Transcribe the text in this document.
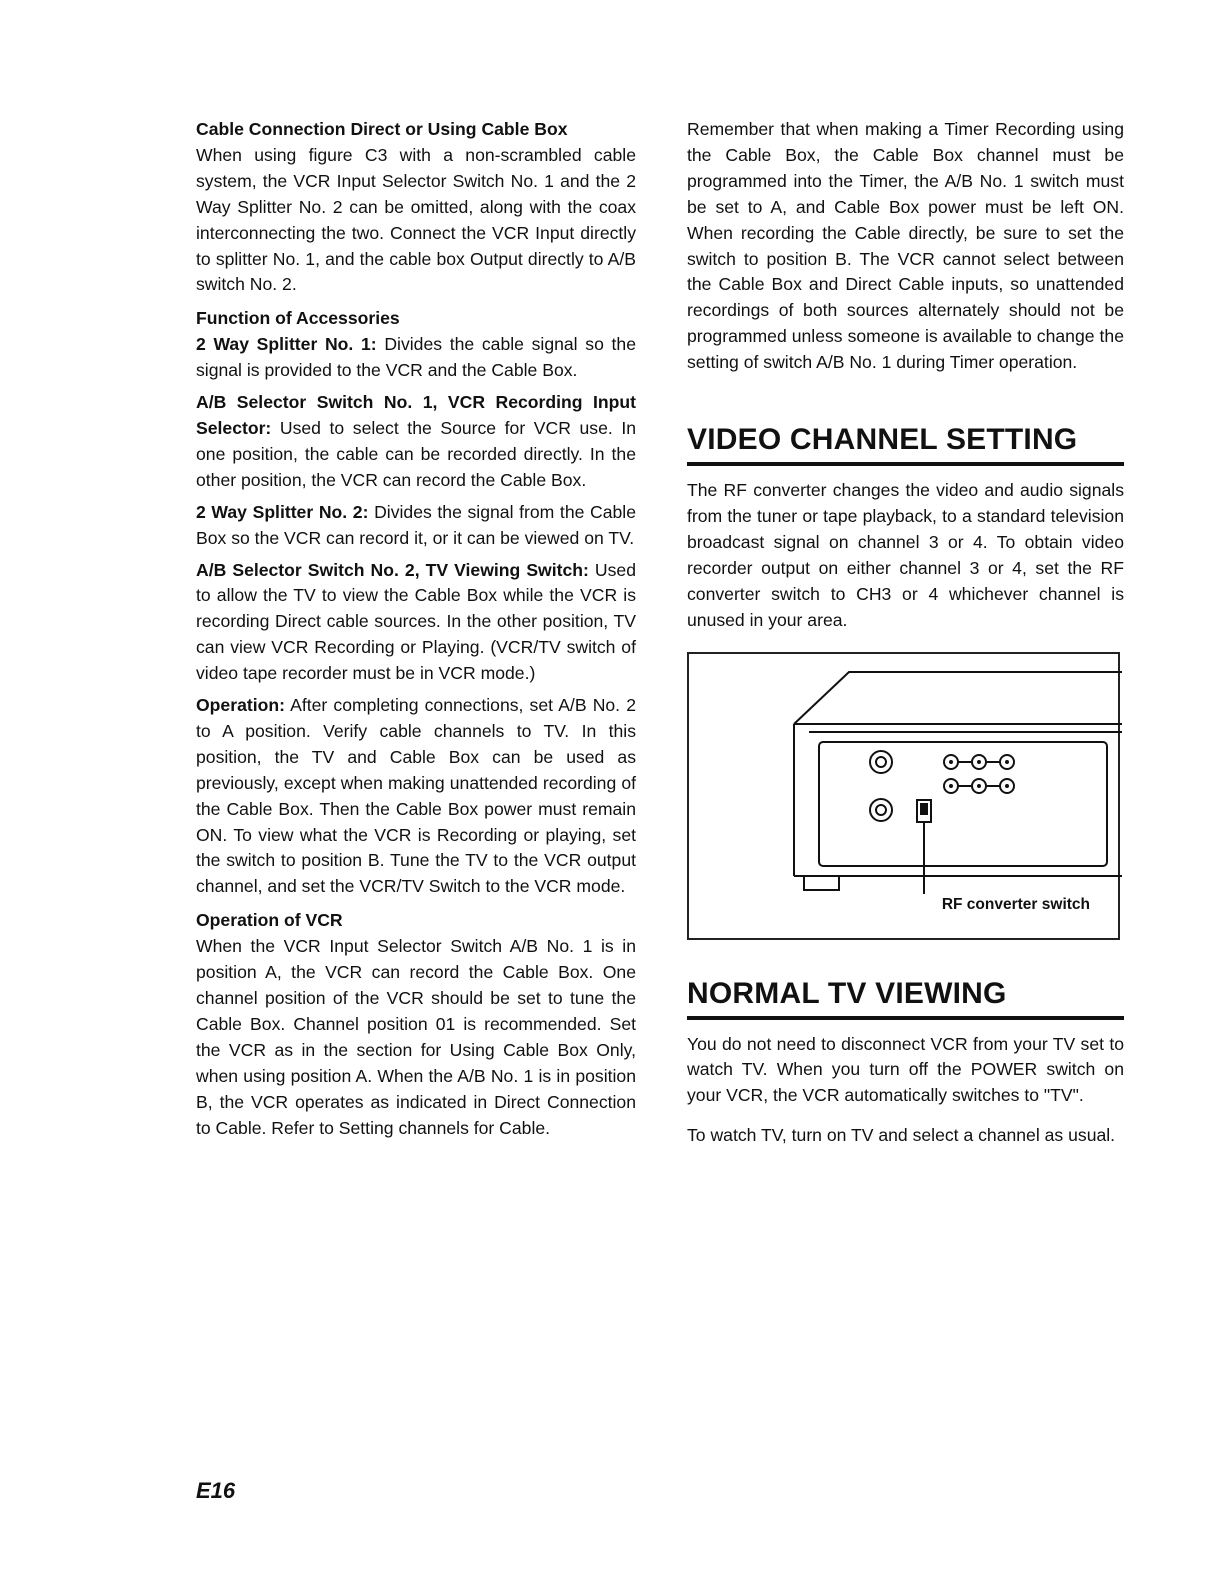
Cable Connection Direct or Using Cable Box

When using figure C3 with a non-scrambled cable system, the VCR Input Selector Switch No. 1 and the 2 Way Splitter No. 2 can be omitted, along with the coax interconnecting the two. Connect the VCR Input directly to splitter No. 1, and the cable box Output directly to A/B switch No. 2.

Function of Accessories

2 Way Splitter No. 1: Divides the cable signal so the signal is provided to the VCR and the Cable Box.

A/B Selector Switch No. 1, VCR Recording Input Selector: Used to select the Source for VCR use. In one position, the cable can be recorded directly. In the other position, the VCR can record the Cable Box.

2 Way Splitter No. 2: Divides the signal from the Cable Box so the VCR can record it, or it can be viewed on TV.

A/B Selector Switch No. 2, TV Viewing Switch: Used to allow the TV to view the Cable Box while the VCR is recording Direct cable sources. In the other position, TV can view VCR Recording or Playing. (VCR/TV switch of video tape recorder must be in VCR mode.)

Operation: After completing connections, set A/B No. 2 to A position. Verify cable channels to TV. In this position, the TV and Cable Box can be used as previously, except when making unattended recording of the Cable Box. Then the Cable Box power must remain ON. To view what the VCR is Recording or playing, set the switch to position B. Tune the TV to the VCR output channel, and set the VCR/TV Switch to the VCR mode.

Operation of VCR

When the VCR Input Selector Switch A/B No. 1 is in position A, the VCR can record the Cable Box. One channel position of the VCR should be set to tune the Cable Box. Channel position 01 is recommended. Set the VCR as in the section for Using Cable Box Only, when using position A. When the A/B No. 1 is in position B, the VCR operates as indicated in Direct Connection to Cable. Refer to Setting channels for Cable.

Remember that when making a Timer Recording using the Cable Box, the Cable Box channel must be programmed into the Timer, the A/B No. 1 switch must be set to A, and Cable Box power must be left ON. When recording the Cable directly, be sure to set the switch to position B. The VCR cannot select between the Cable Box and Direct Cable inputs, so unattended recordings of both sources alternately should not be programmed unless someone is available to change the setting of switch A/B No. 1 during Timer operation.

VIDEO CHANNEL SETTING

The RF converter changes the video and audio signals from the tuner or tape playback, to a standard television broadcast signal on channel 3 or 4. To obtain video recorder output on either channel 3 or 4, set the RF converter switch to CH3 or 4 whichever channel is unused in your area.

RF converter switch
NORMAL TV VIEWING

You do not need to disconnect VCR from your TV set to watch TV. When you turn off the POWER switch on your VCR, the VCR automatically switches to "TV".

To watch TV, turn on TV and select a channel as usual.

E16
